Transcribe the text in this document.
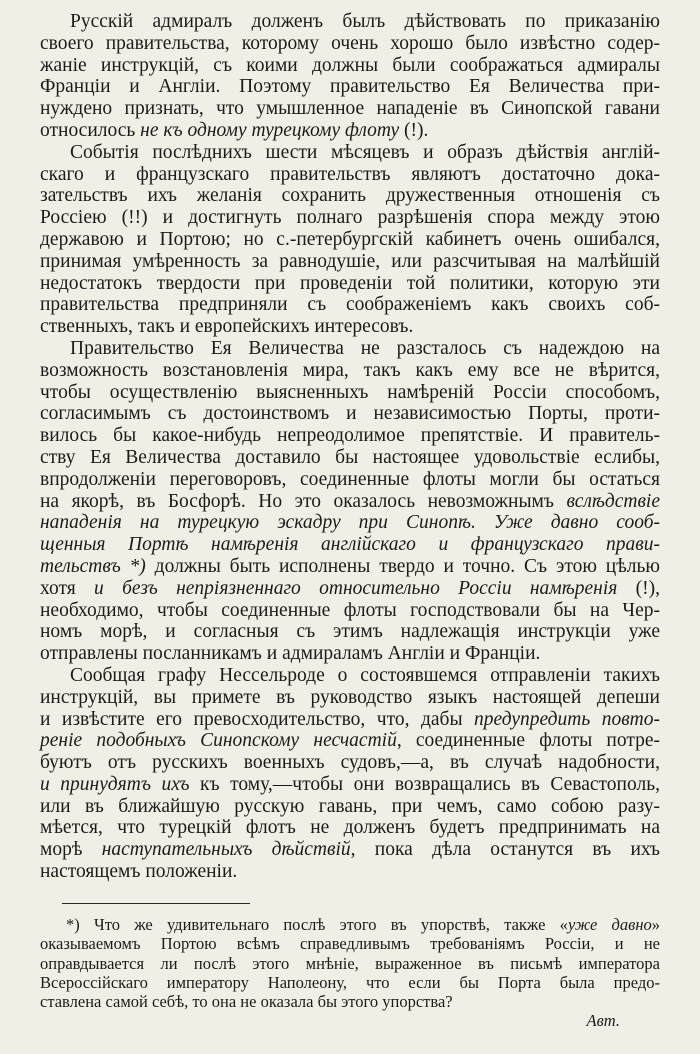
Русскій адмиралъ долженъ былъ дѣйствовать по приказанію
своего правительства, которому очень хорошо было извѣстно содер-
жаніе инструкцій, съ коими должны были соображаться адмиралы
Франціи и Англіи. Поэтому правительство Ея Величества при-
нуждено признать, что умышленное нападеніе въ Синопской гавани
относилось не къ одному турецкому флоту (!).
Событія послѣднихъ шести мѣсяцевъ и образъ дѣйствія англій-
скаго и французскаго правительствъ являютъ достаточно дока-
зательствъ ихъ желанія сохранить дружественныя отношенія съ
Россіею (!!) и достигнуть полнаго разрѣшенія спора между этою
державою и Портою; но с.-петербургскій кабинетъ очень ошибался,
принимая умѣренность за равнодушіе, или разсчитывая на малѣйшій
недостатокъ твердости при проведеніи той политики, которую эти
правительства предприняли съ соображеніемъ какъ своихъ соб-
ственныхъ, такъ и европейскихъ интересовъ.
Правительство Ея Величества не разсталось съ надеждою на
возможность возстановленія мира, такъ какъ ему все не вѣрится,
чтобы осуществленію выясненныхъ намѣреній Россіи способомъ,
согласимымъ съ достоинствомъ и независимостью Порты, проти-
вилось бы какое-нибудь непреодолимое препятствіе. И правитель-
ству Ея Величества доставило бы настоящее удовольствіе еслибы,
впродолженіи переговоровъ, соединенные флоты могли бы остаться
на якорѣ, въ Босфорѣ. Но это оказалось невозможнымъ вслѣдствіе
нападенія на турецкую эскадру при Синопѣ. Уже давно сооб-
щенныя Портѣ намѣренія англійскаго и французскаго прави-
тельствъ *) должны быть исполнены твердо и точно. Съ этою цѣлью
хотя и безъ непріязненнаго относительно Россіи намѣренія (!),
необходимо, чтобы соединенные флоты господствовали бы на Чер-
номъ морѣ, и согласныя съ этимъ надлежащія инструкціи уже
отправлены посланникамъ и адмираламъ Англіи и Франціи.
Сообщая графу Нессельроде о состоявшемся отправленіи такихъ
инструкцій, вы примете въ руководство языкъ настоящей депеши
и извѣстите его превосходительство, что, дабы предупредить повто-
реніе подобныхъ Синопскому несчастій, соединенные флоты потре-
буютъ отъ русскихъ военныхъ судовъ,—а, въ случаѣ надобности,
и принудятъ ихъ къ тому,—чтобы они возвращались въ Севастополь,
или въ ближайшую русскую гавань, при чемъ, само собою разу-
мѣется, что турецкій флотъ не долженъ будетъ предпринимать на
морѣ наступательныхъ дѣйствій, пока дѣла останутся въ ихъ
настоящемъ положеніи.
*) Что же удивительнаго послѣ этого въ упорствѣ, также «уже давно»
оказываемомъ Портою всѣмъ справедливымъ требованіямъ Россіи, и не
оправдывается ли послѣ этого мнѣніе, выраженное въ письмѣ императора
Всероссійскаго императору Наполеону, что если бы Порта была предо-
ставлена самой себѣ, то она не оказала бы этого упорства?
Авт.
